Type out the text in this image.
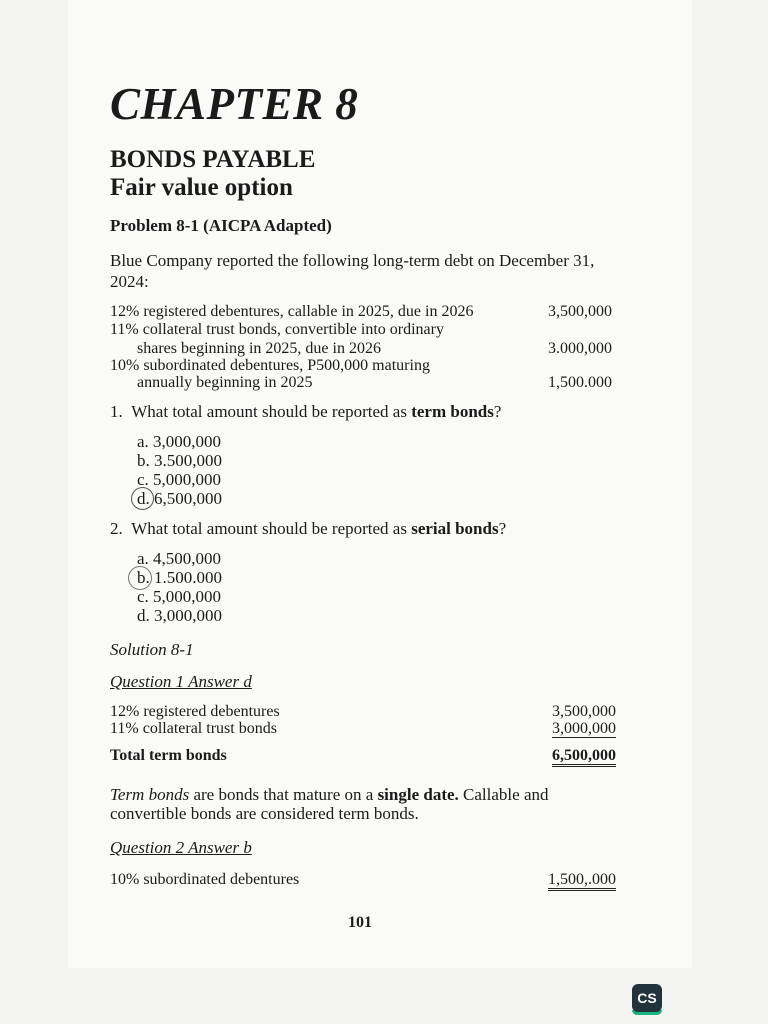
CHAPTER 8
BONDS PAYABLE
Fair value option
Problem 8-1 (AICPA Adapted)
Blue Company reported the following long-term debt on December 31, 2024:
12% registered debentures, callable in 2025, due in 2026	3,500,000
11% collateral trust bonds, convertible into ordinary
shares beginning in 2025, due in 2026	3.000,000
10% subordinated debentures, P500,000 maturing
annually beginning in 2025	1,500.000
1. What total amount should be reported as term bonds?
a. 3,000,000
b. 3.500,000
c. 5,000,000
d. 6,500,000
2. What total amount should be reported as serial bonds?
a. 4,500,000
b. 1.500.000
c. 5,000,000
d. 3,000,000
Solution 8-1
Question 1 Answer d
12% registered debentures	3,500,000
11% collateral trust bonds	3,000,000
Total term bonds	6,500,000
Term bonds are bonds that mature on a single date. Callable and convertible bonds are considered term bonds.
Question 2 Answer b
10% subordinated debentures	1,500,.000
101
CS
